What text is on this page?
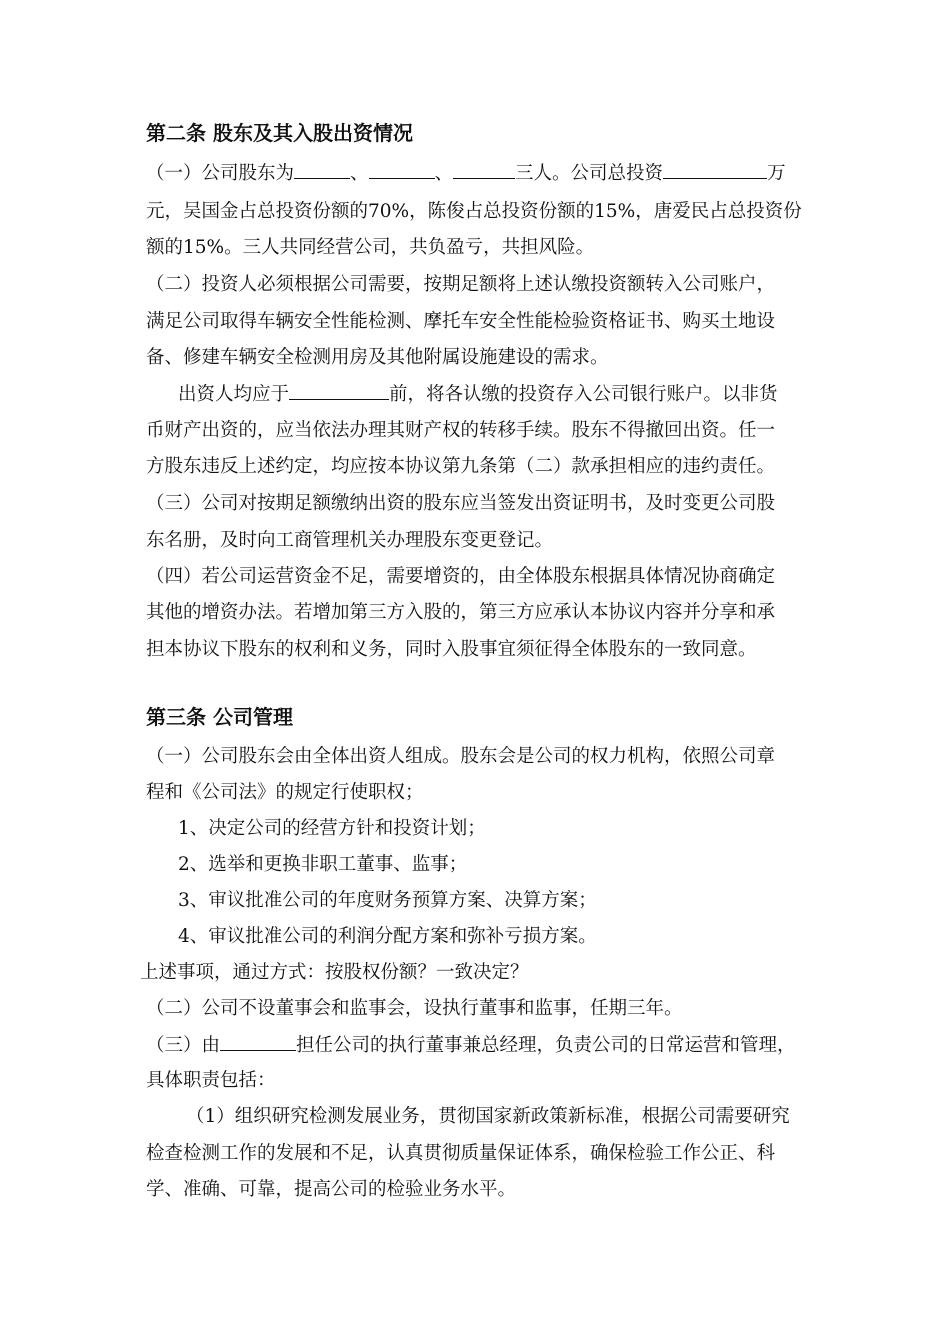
第二条 股东及其入股出资情况

（一）公司股东为	、	、	三人。公司总投资	万

元，吴国金占总投资份额的70%，陈俊占总投资份额的15%，唐爱民占总投资份

额的15%。三人共同经营公司，共负盈亏，共担风险。

（二）投资人必须根据公司需要，按期足额将上述认缴投资额转入公司账户，

满足公司取得车辆安全性能检测、摩托车安全性能检验资格证书、购买土地设

备、修建车辆安全检测用房及其他附属设施建设的需求。

出资人均应于	前，将各认缴的投资存入公司银行账户。以非货

币财产出资的，应当依法办理其财产权的转移手续。股东不得撤回出资。任一

方股东违反上述约定，均应按本协议第九条第（二）款承担相应的违约责任。

（三）公司对按期足额缴纳出资的股东应当签发出资证明书，及时变更公司股

东名册，及时向工商管理机关办理股东变更登记。

（四）若公司运营资金不足，需要增资的，由全体股东根据具体情况协商确定

其他的增资办法。若增加第三方入股的，第三方应承认本协议内容并分享和承

担本协议下股东的权利和义务，同时入股事宜须征得全体股东的一致同意。

第三条 公司管理

（一）公司股东会由全体出资人组成。股东会是公司的权力机构，依照公司章

程和《公司法》的规定行使职权；

1、决定公司的经营方针和投资计划；

2、选举和更换非职工董事、监事；

3、审议批准公司的年度财务预算方案、决算方案；

4、审议批准公司的利润分配方案和弥补亏损方案。

上述事项，通过方式：按股权份额？一致决定？

（二）公司不设董事会和监事会，设执行董事和监事，任期三年。

（三）由	担任公司的执行董事兼总经理，负责公司的日常运营和管理，

具体职责包括：

（1）组织研究检测发展业务，贯彻国家新政策新标准，根据公司需要研究

检查检测工作的发展和不足，认真贯彻质量保证体系，确保检验工作公正、科

学、准确、可靠，提高公司的检验业务水平。
